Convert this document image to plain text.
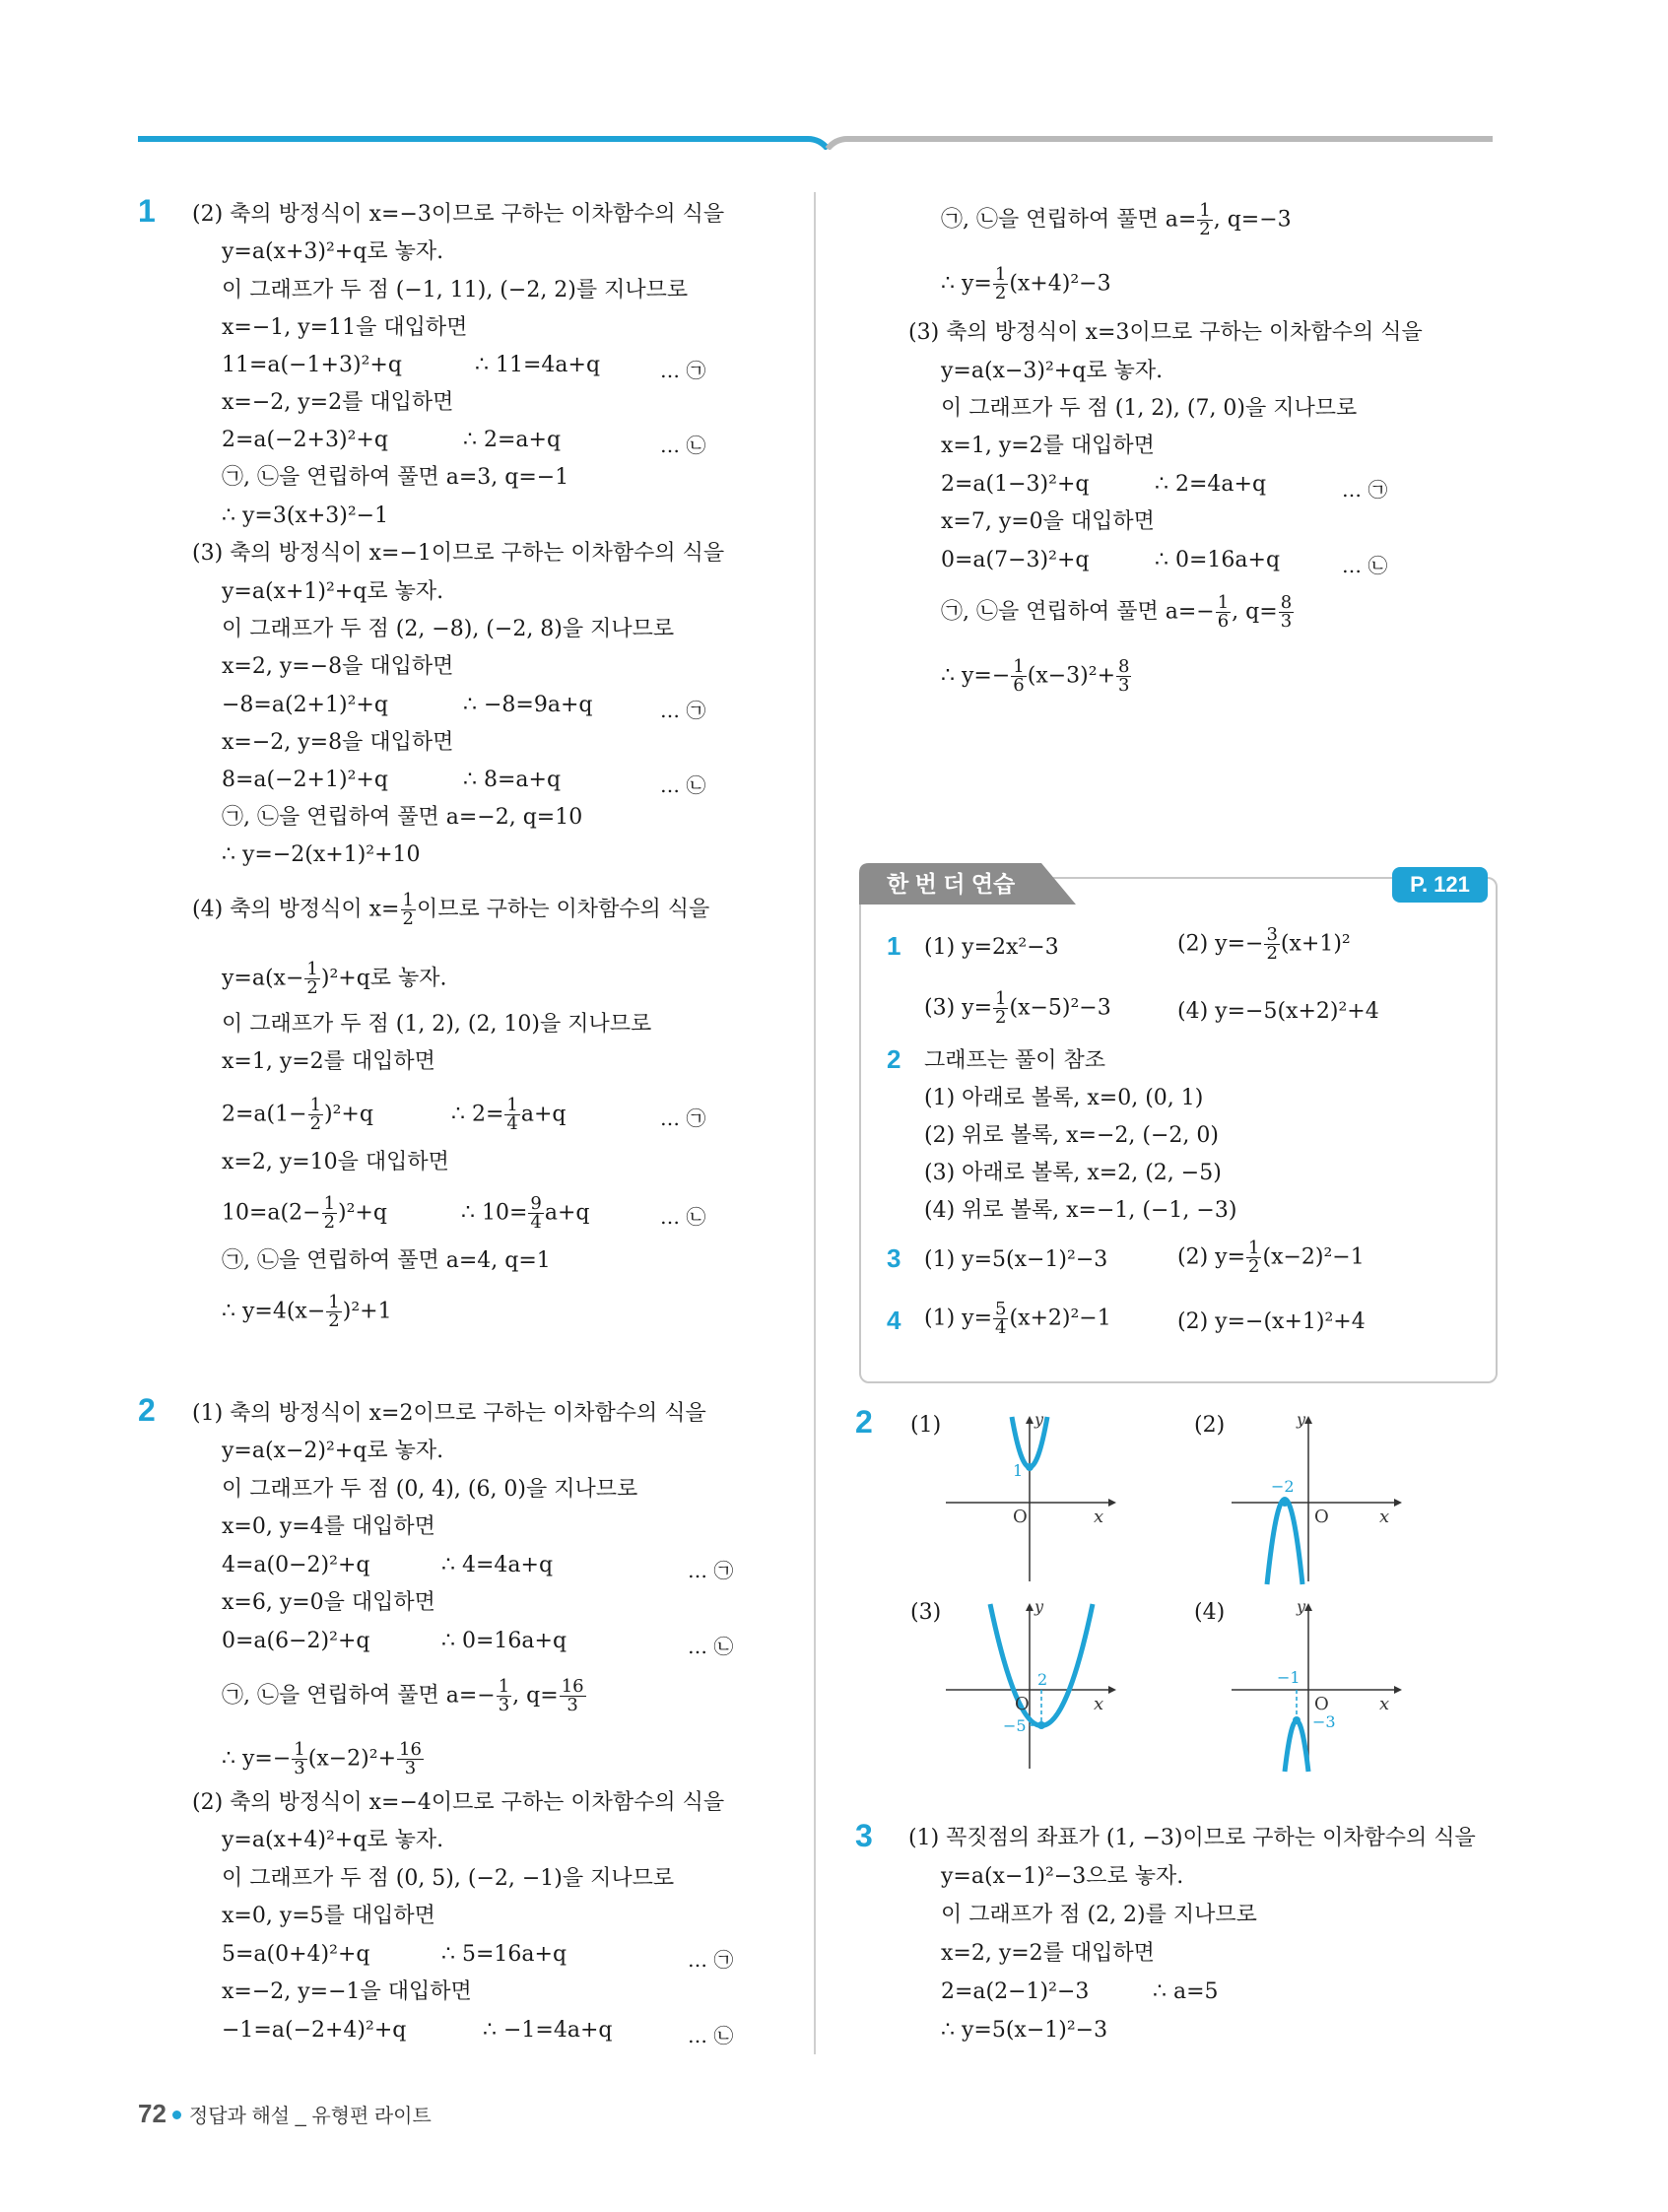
1 (2) 축의 방정식이 x=−3이므로 구하는 이차함수의 식을
y=a(x+3)²+q로 놓자.
이 그래프가 두 점 (−1, 11), (−2, 2)를 지나므로
x=−1, y=11을 대입하면
11=a(−1+3)²+q	∴ 11=4a+q	… ㉠
x=−2, y=2를 대입하면
2=a(−2+3)²+q	∴ 2=a+q	… ㉡
㉠, ㉡을 연립하여 풀면 a=3, q=−1
∴ y=3(x+3)²−1
(3) 축의 방정식이 x=−1이므로 구하는 이차함수의 식을
y=a(x+1)²+q로 놓자.
이 그래프가 두 점 (2, −8), (−2, 8)을 지나므로
x=2, y=−8을 대입하면
−8=a(2+1)²+q	∴ −8=9a+q	… ㉠
x=−2, y=8을 대입하면
8=a(−2+1)²+q	∴ 8=a+q	… ㉡
㉠, ㉡을 연립하여 풀면 a=−2, q=10
∴ y=−2(x+1)²+10
(4) 축의 방정식이 $x= \frac{1}{2}$ 이므로 구하는 이차함수의 식을
$y=a(x- \frac{1}{2} )^2+q$로 놓자.
이 그래프가 두 점 (1, 2), (2, 10)을 지나므로
x=1, y=2를 대입하면
$2=a(1- \frac{1}{2} )^2+q$	∴ $2= \frac{1}{4} a+q$	… ㉠
x=2, y=10을 대입하면
$10=a(2- \frac{1}{2} )^2+q$	∴ $10= \frac{9}{4} a+q$	… ㉡
㉠, ㉡을 연립하여 풀면 a=4, q=1
∴ $y=4(x- \frac{1}{2} )^2+1$
2 (1) 축의 방정식이 x=2이므로 구하는 이차함수의 식을
y=a(x−2)²+q로 놓자.
이 그래프가 두 점 (0, 4), (6, 0)을 지나므로
x=0, y=4를 대입하면
4=a(0−2)²+q	∴ 4=4a+q	… ㉠
x=6, y=0을 대입하면
0=a(6−2)²+q	∴ 0=16a+q	… ㉡
㉠, ㉡을 연립하여 풀면 $a=- \frac{1}{3}$ , $q= \frac{16}{3}$
∴ $y=- \frac{1}{3} (x-2)^2+ \frac{16}{3}$
(2) 축의 방정식이 x=−4이므로 구하는 이차함수의 식을
y=a(x+4)²+q로 놓자.
이 그래프가 두 점 (0, 5), (−2, −1)을 지나므로
x=0, y=5를 대입하면
5=a(0+4)²+q	∴ 5=16a+q	… ㉠
x=−2, y=−1을 대입하면
−1=a(−2+4)²+q	∴ −1=4a+q	… ㉡
㉠, ㉡을 연립하여 풀면 $a= \frac{1}{2}$ , q=−3
∴ $y= \frac{1}{2} (x+4)^2-3$
(3) 축의 방정식이 x=3이므로 구하는 이차함수의 식을
y=a(x−3)²+q로 놓자.
이 그래프가 두 점 (1, 2), (7, 0)을 지나므로
x=1, y=2를 대입하면
2=a(1−3)²+q	∴ 2=4a+q	… ㉠
x=7, y=0을 대입하면
0=a(7−3)²+q	∴ 0=16a+q	… ㉡
㉠, ㉡을 연립하여 풀면 $a=- \frac{1}{6}$ , $q= \frac{8}{3}$
∴ $y=- \frac{1}{6} (x-3)^2+ \frac{8}{3}$
한 번 더 연습	P. 121
1 (1) y=2x²−3	(2) $y=- \frac{3}{2} (x+1)^2$
(3) $y= \frac{1}{2} (x-5)^2-3$	(4) y=−5(x+2)²+4
2 그래프는 풀이 참조
(1) 아래로 볼록, x=0, (0, 1)
(2) 위로 볼록, x=−2, (−2, 0)
(3) 아래로 볼록, x=2, (2, −5)
(4) 위로 볼록, x=−1, (−1, −3)
3 (1) y=5(x−1)²−3	(2) $y= \frac{1}{2} (x-2)^2-1$
4 (1) $y= \frac{5}{4} (x+2)^2-1$	(2) y=−(x+1)²+4
2 (1)
1
O
y
x
(2)
−2
O
y
x
(3)
2
−5
O
y
x
(4)
−1
−3
O
y
x
3 (1) 꼭짓점의 좌표가 (1, −3)이므로 구하는 이차함수의 식을
y=a(x−1)²−3으로 놓자.
이 그래프가 점 (2, 2)를 지나므로
x=2, y=2를 대입하면
2=a(2−1)²−3	∴ a=5
∴ y=5(x−1)²−3
72 정답과 해설 _ 유형편 라이트
